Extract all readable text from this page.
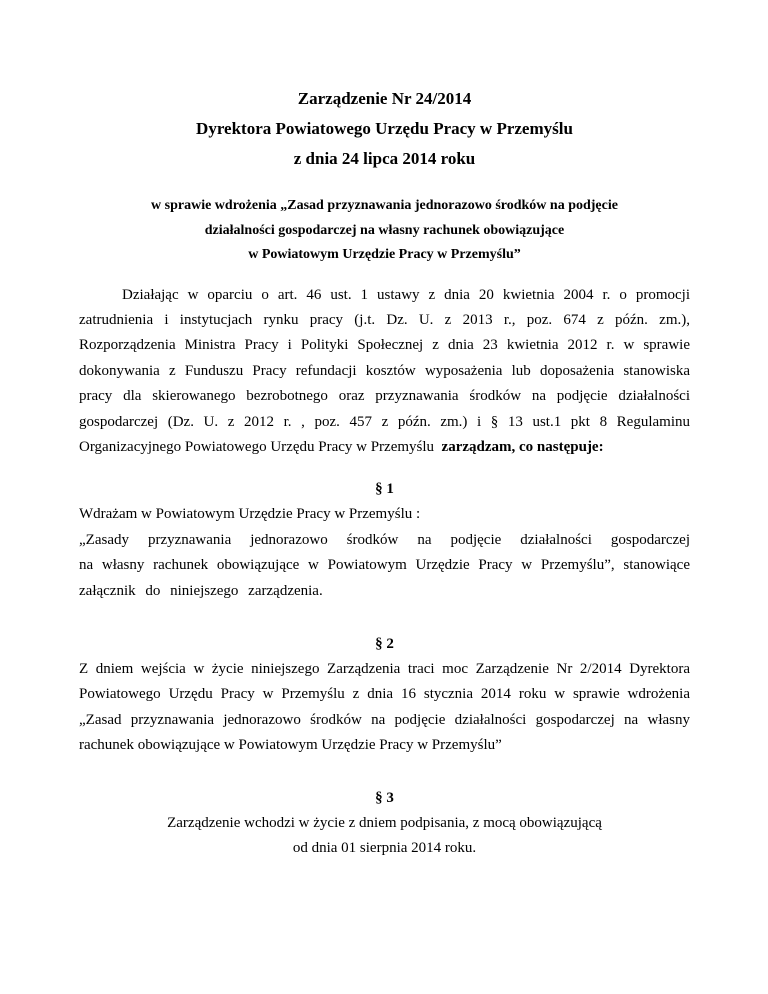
Zarządzenie Nr 24/2014
Dyrektora Powiatowego Urzędu Pracy w Przemyślu
z dnia 24 lipca 2014 roku
w sprawie wdrożenia „Zasad przyznawania jednorazowo środków na podjęcie
działalności gospodarczej na własny rachunek obowiązujące
w Powiatowym Urzędzie Pracy w Przemyślu”
Działając w oparciu o art. 46 ust. 1 ustawy z dnia 20 kwietnia 2004 r. o promocji
zatrudnienia i instytucjach rynku pracy (j.t. Dz. U. z 2013 r., poz. 674 z późn. zm.),
Rozporządzenia Ministra Pracy i Polityki Społecznej z dnia 23 kwietnia 2012 r. w sprawie
dokonywania z Funduszu Pracy refundacji kosztów wyposażenia lub doposażenia stanowiska
pracy dla skierowanego bezrobotnego oraz przyznawania środków na podjęcie działalności
gospodarczej (Dz. U. z 2012 r. , poz. 457 z późn. zm.) i § 13 ust.1 pkt 8 Regulaminu
Organizacyjnego Powiatowego Urzędu Pracy w Przemyślu zarządzam, co następuje:
§ 1
Wdrażam w Powiatowym Urzędzie Pracy w Przemyślu :
„Zasady przyznawania jednorazowo środków na podjęcie działalności gospodarczej
na własny rachunek obowiązujące w Powiatowym Urzędzie Pracy w Przemyślu”, stanowiące
załącznik do niniejszego zarządzenia.
§ 2
Z dniem wejścia w życie niniejszego Zarządzenia traci moc Zarządzenie Nr 2/2014 Dyrektora
Powiatowego Urzędu Pracy w Przemyślu z dnia 16 stycznia 2014 roku w sprawie wdrożenia
„Zasad przyznawania jednorazowo środków na podjęcie działalności gospodarczej na własny
rachunek obowiązujące w Powiatowym Urzędzie Pracy w Przemyślu”
§ 3
Zarządzenie wchodzi w życie z dniem podpisania, z mocą obowiązującą
od dnia 01 sierpnia 2014 roku.
